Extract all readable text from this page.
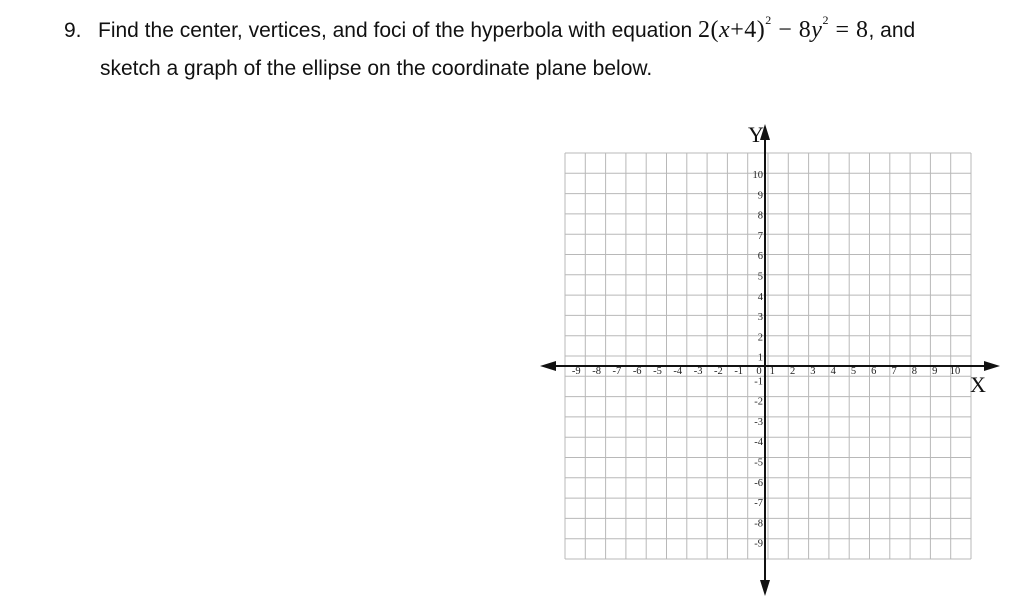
9. Find the center, vertices, and foci of the hyperbola with equation $2(x+4)^2 - 8y^2 = 8$, and
sketch a graph of the ellipse on the coordinate plane below.
-9 -8 -7 -6 -5 -4 -3 -2 -1 0 1 2 3 4 5 6 7 8 9 10
10
9
8
7
6
5
4
3
2
1
-1
-2
-3
-4
-5
-6
-7
-8
-9
X
Y
